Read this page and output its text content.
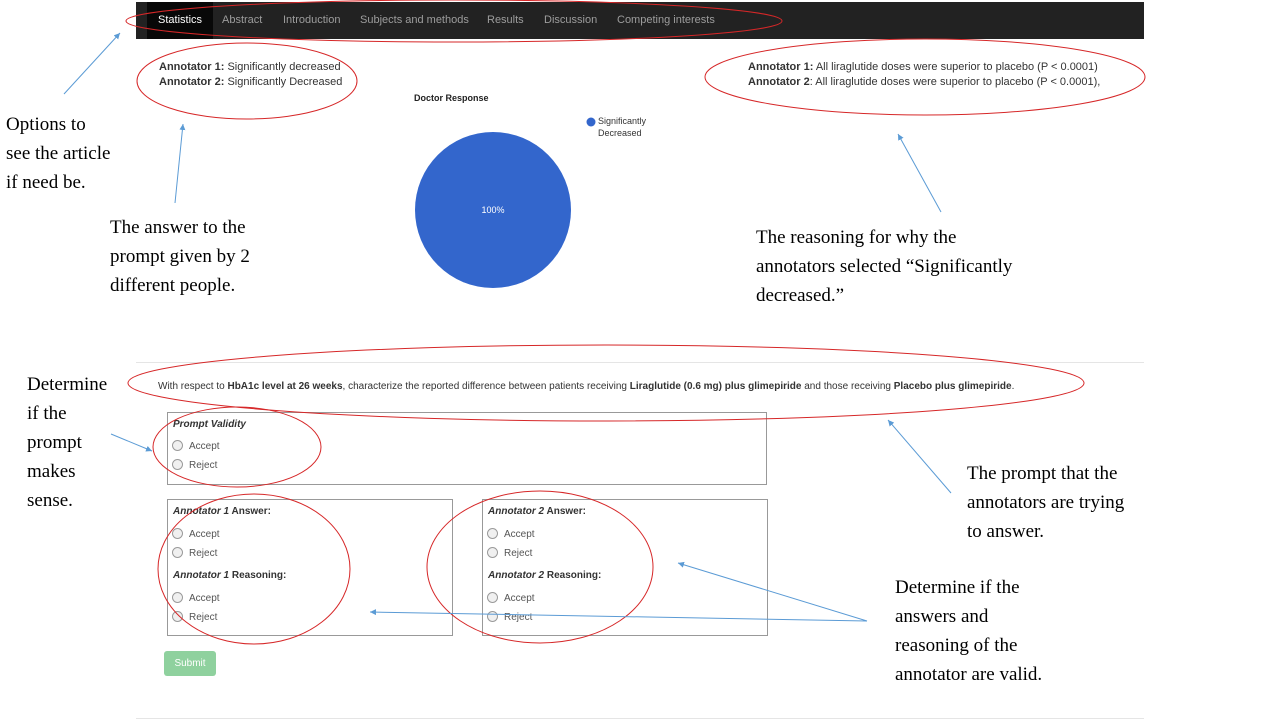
Statistics	Abstract Introduction Subjects and methods Results Discussion Competing interests
Annotator 1: Significantly decreased
Annotator 2: Significantly Decreased
Annotator 1: All liraglutide doses were superior to placebo (P < 0.0001)
Annotator 2: All liraglutide doses were superior to placebo (P < 0.0001),
Doctor Response
100%
Significantly
Decreased
With respect to HbA1c level at 26 weeks, characterize the reported difference between patients receiving Liraglutide (0.6 mg) plus glimepiride and those receiving Placebo plus glimepiride.
Prompt Validity
Accept
Reject
Annotator 1 Answer:
Accept
Reject
Annotator 1 Reasoning:
Accept
Reject
Annotator 2 Answer:
Accept
Reject
Annotator 2 Reasoning:
Accept
Reject
Submit
Options to
see the article
if need be.
The answer to the
prompt given by 2
different people.
The reasoning for why the
annotators selected “Significantly
decreased.”
Determine
if the
prompt
makes
sense.
The prompt that the
annotators are trying
to answer.
Determine if the
answers and
reasoning of the
annotator are valid.
